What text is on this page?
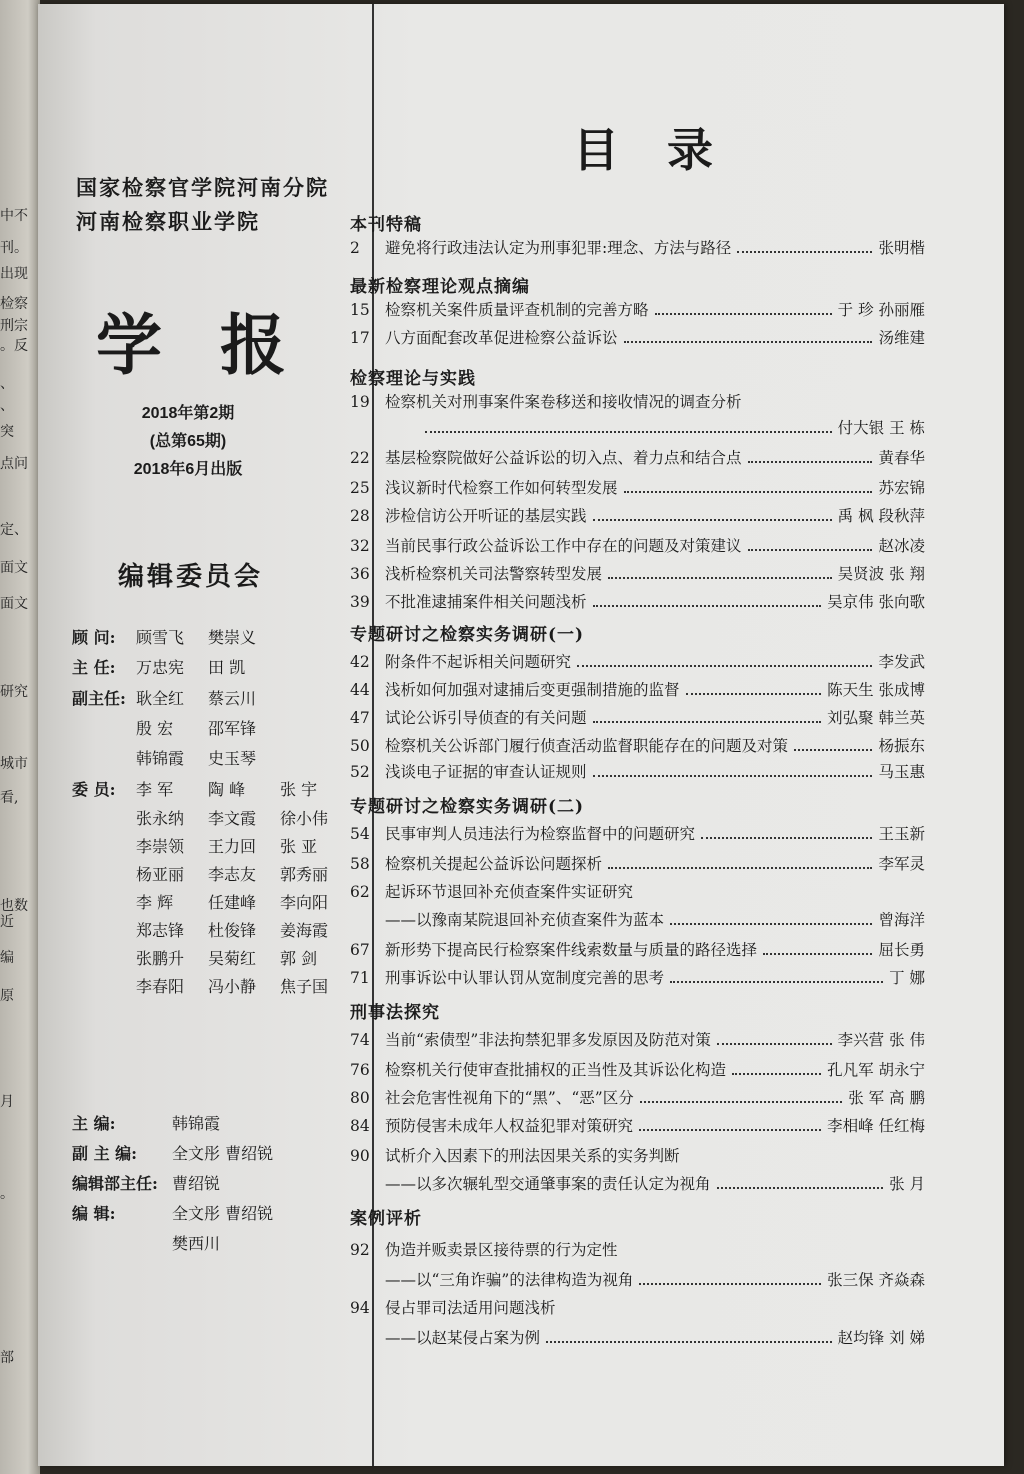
中不
刊。
出现
检察
刑宗
。反
、
、
突
点问
定、
面文
面文
研究
城市
看,
也数
近
编
原
月
。
部
国家检察官学院河南分院
河南检察职业学院
学报
2018年第2期
(总第65期)
2018年6月出版
编辑委员会
顾 问: 顾雪飞 樊崇义
主 任: 万忠宪 田 凯
副主任: 耿全红 蔡云川
殷 宏 邵军锋
韩锦霞 史玉琴
委 员: 李 军 陶 峰 张 宇
张永纳 李文霞 徐小伟
李崇领 王力回 张 亚
杨亚丽 李志友 郭秀丽
李 辉 任建峰 李向阳
郑志锋 杜俊锋 姜海霞
张鹏升 吴菊红 郭 剑
李春阳 冯小静 焦子国
主 编:	韩锦霞
副 主 编: 全文彤 曹绍锐
编辑部主任: 曹绍锐
编 辑:	全文彤 曹绍锐
樊西川
目录
本刊特稿
2	避免将行政违法认定为刑事犯罪:理念、方法与路径	张明楷
最新检察理论观点摘编
15 检察机关案件质量评查机制的完善方略	于 珍 孙丽雁
17 八方面配套改革促进检察公益诉讼	汤维建
检察理论与实践
19 检察机关对刑事案件案卷移送和接收情况的调查分析
付大银 王 栋
22 基层检察院做好公益诉讼的切入点、着力点和结合点	黄春华
25 浅议新时代检察工作如何转型发展	苏宏锦
28 涉检信访公开听证的基层实践	禹 枫 段秋萍
32 当前民事行政公益诉讼工作中存在的问题及对策建议	赵冰凌
36 浅析检察机关司法警察转型发展	吴贤波 张 翔
39 不批准逮捕案件相关问题浅析	吴京伟 张向歌
专题研讨之检察实务调研(一)
42 附条件不起诉相关问题研究	李发武
44 浅析如何加强对逮捕后变更强制措施的监督	陈天生 张成博
47 试论公诉引导侦查的有关问题	刘弘聚 韩兰英
50 检察机关公诉部门履行侦查活动监督职能存在的问题及对策	杨振东
52 浅谈电子证据的审查认证规则	马玉惠
专题研讨之检察实务调研(二)
54 民事审判人员违法行为检察监督中的问题研究	王玉新
58 检察机关提起公益诉讼问题探析	李军灵
62 起诉环节退回补充侦查案件实证研究
——以豫南某院退回补充侦查案件为蓝本	曾海洋
67 新形势下提高民行检察案件线索数量与质量的路径选择	屈长勇
71 刑事诉讼中认罪认罚从宽制度完善的思考	丁 娜
刑事法探究
74 当前“索债型”非法拘禁犯罪多发原因及防范对策	李兴营 张 伟
76 检察机关行使审查批捕权的正当性及其诉讼化构造	孔凡军 胡永宁
80 社会危害性视角下的“黑”、“恶”区分	张 军 高 鹏
84 预防侵害未成年人权益犯罪对策研究	李相峰 任红梅
90 试析介入因素下的刑法因果关系的实务判断
——以多次辗轧型交通肇事案的责任认定为视角	张 月
案例评析
92 伪造并贩卖景区接待票的行为定性
——以“三角诈骗”的法律构造为视角	张三保 齐焱森
94 侵占罪司法适用问题浅析
——以赵某侵占案为例	赵均锋 刘 娣
